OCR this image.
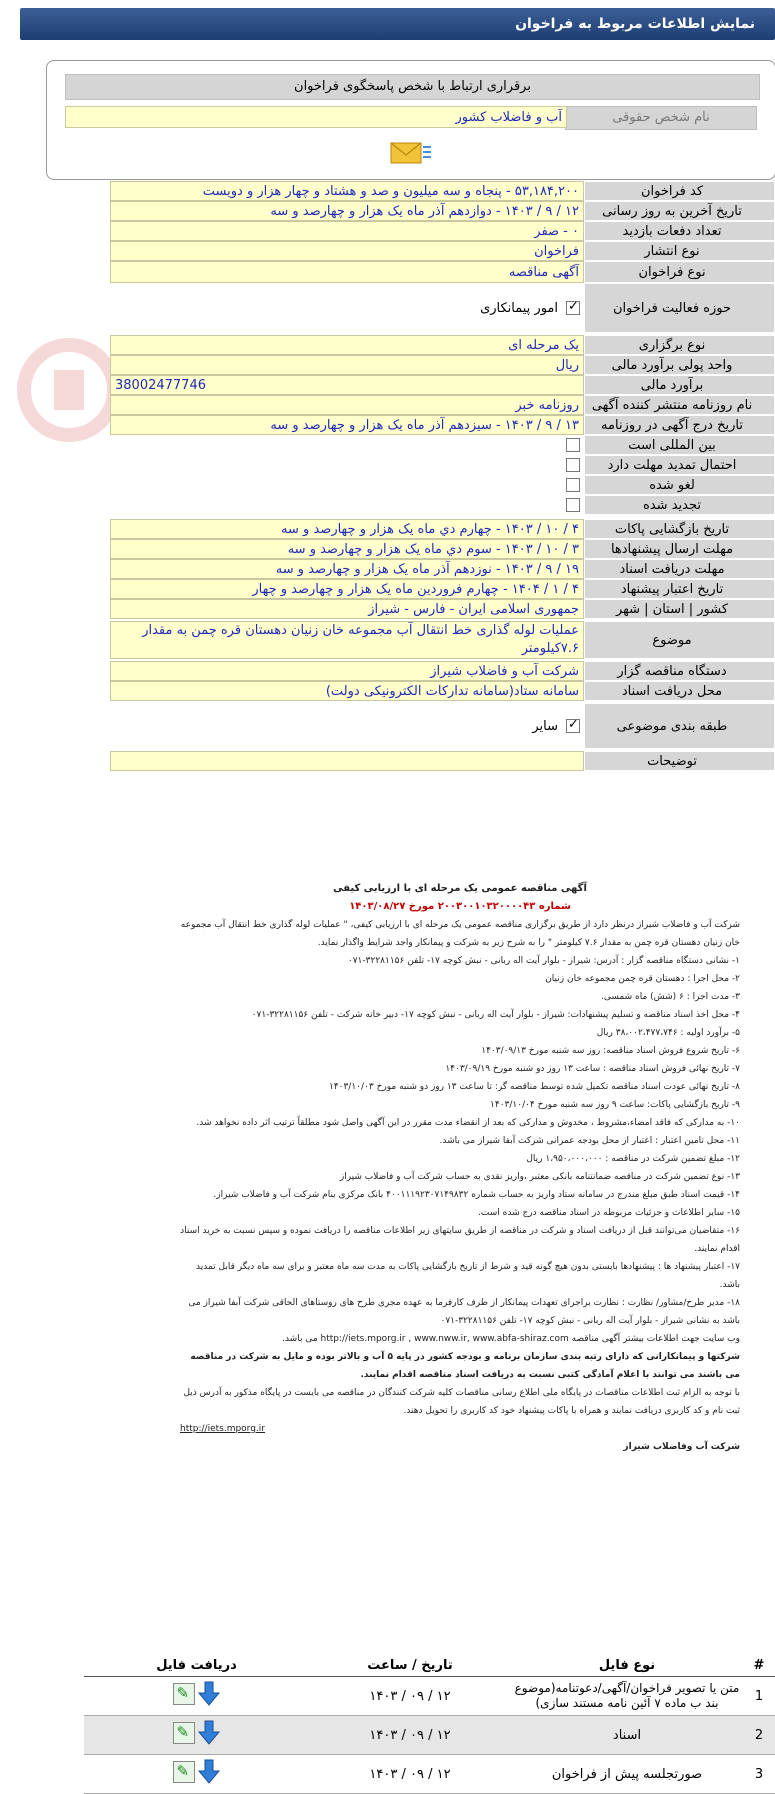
نمایش اطلاعات مربوط به فراخوان
برقراری ارتباط با شخص پاسخگوی فراخوان
نام شخص حقوقی
آب و فاضلاب کشور
کد فراخوان
۵۳,۱۸۴,۲۰۰ - پنجاه و سه میلیون و صد و هشتاد و چهار هزار و دویست
تاریخ آخرین به روز رسانی
۱۲ / ۹ / ۱۴۰۳ - دوازدهم آذر ماه یک هزار و چهارصد و سه
تعداد دفعات بازدید
۰ - صفر
نوع انتشار
فراخوان
نوع فراخوان
آگهی مناقصه
حوزه فعالیت فراخوان
✓
امور پیمانکاری
نوع برگزاری
یک مرحله ای
واحد پولی برآورد مالی
ریال
برآورد مالی
38002477746
نام روزنامه منتشر کننده آگهی
روزنامه خبر
تاریخ درج آگهی در روزنامه
۱۳ / ۹ / ۱۴۰۳ - سیزدهم آذر ماه یک هزار و چهارصد و سه
بین المللی است
احتمال تمدید مهلت دارد
لغو شده
تجدید شده
تاریخ بازگشایی پاکات
۴ / ۱۰ / ۱۴۰۳ - چهارم دي ماه یک هزار و چهارصد و سه
مهلت ارسال پیشنهادها
۳ / ۱۰ / ۱۴۰۳ - سوم دي ماه یک هزار و چهارصد و سه
مهلت دریافت اسناد
۱۹ / ۹ / ۱۴۰۳ - نوزدهم آذر ماه یک هزار و چهارصد و سه
تاریخ اعتبار پیشنهاد
۴ / ۱ / ۱۴۰۴ - چهارم فروردین ماه یک هزار و چهارصد و چهار
کشور | استان | شهر
جمهوری اسلامی ایران - فارس - شیراز
موضوع
عملیات لوله گذاری خط انتقال آب مجموعه خان زنیان دهستان قره چمن به مقدار ۷.۶کیلومتر
دستگاه مناقصه گزار
شرکت آب و فاضلاب شیراز
محل دریافت اسناد
سامانه ستاد(سامانه تدارکات الکترونیکی دولت)
طبقه بندی موضوعی
✓
سایر
توضیحات

آگهی مناقصه عمومی یک مرحله ای با ارزیابی کیفی

شماره ۲۰۰۳۰۰۱۰۳۲۰۰۰۰۴۳ مورخ ۱۴۰۳/۰۸/۲۷

شرکت آب و فاضلاب شیراز درنظر دارد از طریق برگزاری مناقصه عمومی یک مرحله ای با ارزیابی کیفی، " عملیات لوله گذاری خط انتقال آب مجموعه خان زنیان دهستان قره چمن به مقدار ۷.۶ کیلومتر " را به شرح زیر به شرکت و پیمانکار واجد شرایط واگذار نماید.

۱- نشانی دستگاه مناقصه گزار : آدرس: شیراز - بلوار آیت اله ربانی - نبش کوچه ۱۷- تلفن ۳۲۲۸۱۱۵۶-۰۷۱

۲- محل اجرا : دهستان قره چمن مجموعه خان زنیان

۳- مدت اجرا : ۶ (شش) ماه شمسی.

۴- محل اخذ اسناد مناقصه و تسلیم پیشنهادات: شیراز - بلوار آیت اله ربانی - نبش کوچه ۱۷- دبیر خانه شرکت - تلفن ۳۲۲۸۱۱۵۶-۰۷۱

۵- برآورد اولیه : ۳۸،۰۰۲،۴۷۷،۷۴۶ ریال

۶- تاریخ شروع فروش اسناد مناقصه: روز سه شنبه مورخ ۱۴۰۳/۰۹/۱۳

۷- تاریخ نهائی فروش اسناد مناقصه : ساعت ۱۳ روز دو شنبه مورخ ۱۴۰۳/۰۹/۱۹

۸- تاریخ نهائی عودت اسناد مناقصه تکمیل شده توسط مناقصه گر: تا ساعت ۱۳ روز دو شنبه مورخ ۱۴۰۳/۱۰/۰۳

۹- تاریخ بازگشایی پاکات: ساعت ۹ روز سه شنبه مورخ ۱۴۰۳/۱۰/۰۴

۱۰- به مدارکی که فاقد امضاء،مشروط ، مخدوش و مدارکی که بعد از انقضاء مدت مقرر در این آگهی واصل شود مطلقاً ترتیب اثر داده نخواهد شد.

۱۱- محل تامین اعتبار : اعتبار از محل بودجه عمرانی شرکت آبفا شیراز می باشد.

۱۲- مبلغ تضمین شرکت در مناقصه : ۱،۹۵۰،۰۰۰،۰۰۰ ریال

۱۳- نوع تضمین شرکت در مناقصه ضمانتنامه بانکی معتبر ،واریز نقدی به حساب شرکت آب و فاضلاب شیراز

۱۴- قیمت اسناد طبق مبلغ مندرج در سامانه ستاد واریز به حساب شماره ۴۰۰۱۱۱۹۲۳۰۷۱۴۹۸۳۲ بانک مرکزی بنام شرکت آب و فاضلاب شیراز.

۱۵- سایر اطلاعات و جزئیات مربوطه در اسناد مناقصه درج شده است.

۱۶- متقاضیان می‌توانند قبل از دریافت اسناد و شرکت در مناقصه از طریق سایتهای زیر اطلاعات مناقصه را دریافت نموده و سپس نسبت به خرید اسناد اقدام نمایند.

۱۷- اعتبار پیشنهاد ها : پیشنهادها بایستی بدون هیچ گونه قید و شرط از تاریخ بازگشایی پاکات به مدت سه ماه معتبر و برای سه ماه دیگر قابل تمدید باشد.

۱۸- مدیر طرح/مشاور/ نظارت : نظارت براجرای تعهدات پیمانکار از طرف کارفرما به عهده مجری طرح های روستاهای الحاقی شرکت آبفا شیراز می باشد به نشانی شیراز - بلوار آیت اله ربانی - نبش کوچه ۱۷- تلفن ۳۲۲۸۱۱۵۶-۰۷۱

وب سایت جهت اطلاعات بیشتر آگهی مناقصه http://iets.mporg.ir , www.nww.ir, www.abfa-shiraz.com می باشد.

شرکتها و پیمانکارانی که دارای رتبه بندی سازمان برنامه و بودجه کشور در پایه ۵ آب و بالاتر بوده و مایل به شرکت در مناقصه می باشند می توانند با اعلام آمادگی کتبی نسبت به دریافت اسناد مناقصه اقدام نمایند.

با توجه به الزام ثبت اطلاعات مناقصات در پایگاه ملی اطلاع رسانی مناقصات کلیه شرکت کنندگان در مناقصه می بایست در پایگاه مذکور به آدرس ذیل ثبت نام و کد کاربری دریافت نمایند و همراه با پاکات پیشنهاد خود کد کاربری را تحویل دهند.

http://iets.mporg.ir

شرکت آب وفاضلاب شیراز

#	نوع فایل	تاریخ / ساعت	دریافت فایل
1	متن یا تصویر فراخوان/آگهی/دعوتنامه(موضوع بند ب ماده ۷ آئین نامه مستند سازی)	۱۲ / ۰۹ / ۱۴۰۳	
✎

2	اسناد	۱۲ / ۰۹ / ۱۴۰۳	
✎

3	صورتجلسه پیش از فراخوان	۱۲ / ۰۹ / ۱۴۰۳	
✎
